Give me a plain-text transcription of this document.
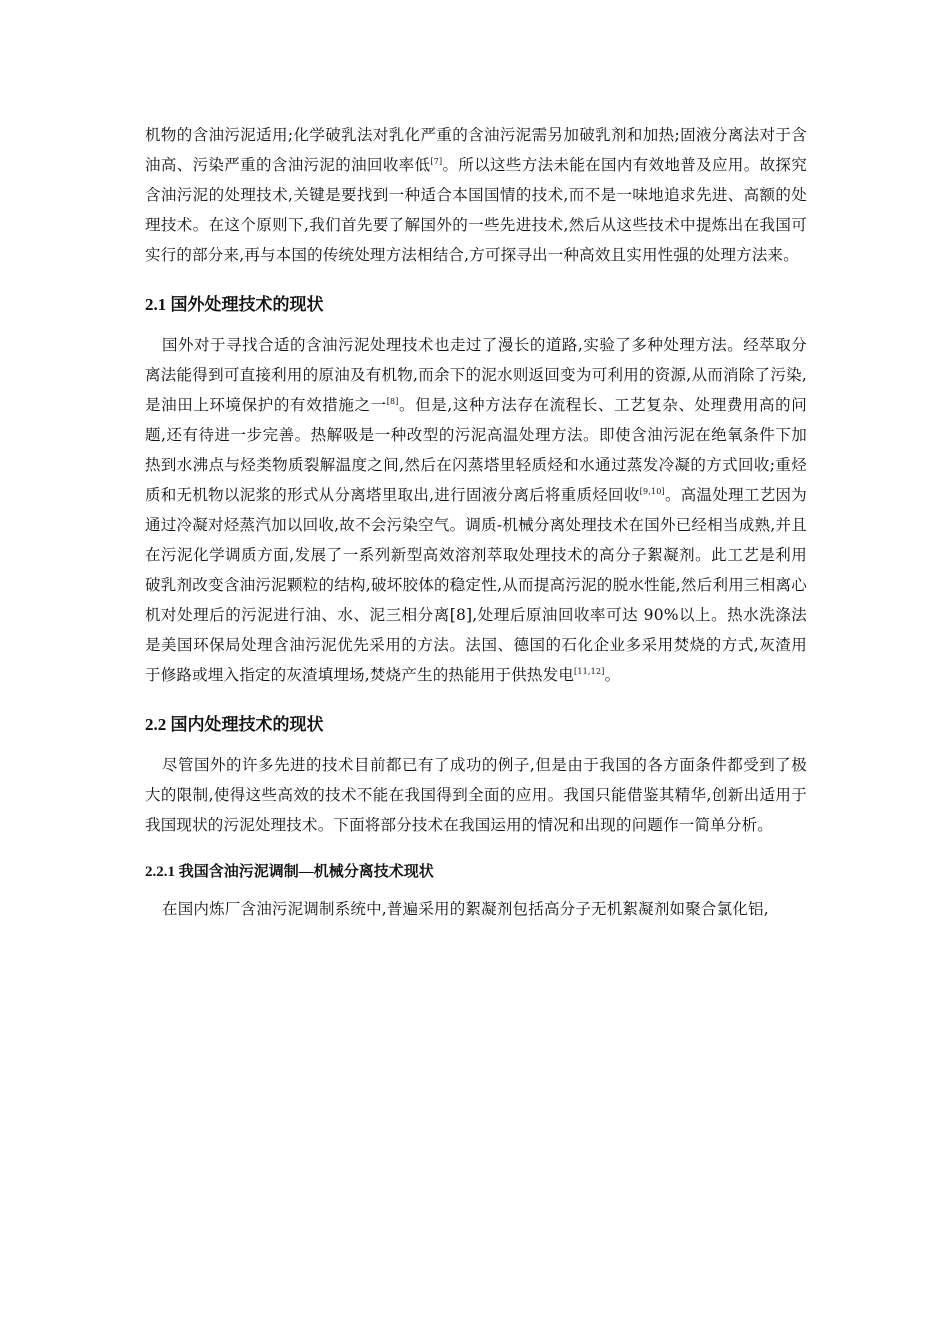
机物的含油污泥适用;化学破乳法对乳化严重的含油污泥需另加破乳剂和加热;固液分离法对于含油高、污染严重的含油污泥的油回收率低[7]。所以这些方法未能在国内有效地普及应用。故探究含油污泥的处理技术,关键是要找到一种适合本国国情的技术,而不是一味地追求先进、高额的处理技术。在这个原则下,我们首先要了解国外的一些先进技术,然后从这些技术中提炼出在我国可实行的部分来,再与本国的传统处理方法相结合,方可探寻出一种高效且实用性强的处理方法来。

2.1 国外处理技术的现状

国外对于寻找合适的含油污泥处理技术也走过了漫长的道路,实验了多种处理方法。经萃取分离法能得到可直接利用的原油及有机物,而余下的泥水则返回变为可利用的资源,从而消除了污染,是油田上环境保护的有效措施之一[8]。但是,这种方法存在流程长、工艺复杂、处理费用高的问题,还有待进一步完善。热解吸是一种改型的污泥高温处理方法。即使含油污泥在绝氧条件下加热到水沸点与烃类物质裂解温度之间,然后在闪蒸塔里轻质烃和水通过蒸发冷凝的方式回收;重烃质和无机物以泥浆的形式从分离塔里取出,进行固液分离后将重质烃回收[9,10]。高温处理工艺因为通过冷凝对烃蒸汽加以回收,故不会污染空气。调质-机械分离处理技术在国外已经相当成熟,并且在污泥化学调质方面,发展了一系列新型高效溶剂萃取处理技术的高分子絮凝剂。此工艺是利用破乳剂改变含油污泥颗粒的结构,破坏胶体的稳定性,从而提高污泥的脱水性能,然后利用三相离心机对处理后的污泥进行油、水、泥三相分离[8],处理后原油回收率可达 90%以上。热水洗涤法是美国环保局处理含油污泥优先采用的方法。法国、德国的石化企业多采用焚烧的方式,灰渣用于修路或埋入指定的灰渣填埋场,焚烧产生的热能用于供热发电[11,12]。

2.2 国内处理技术的现状

尽管国外的许多先进的技术目前都已有了成功的例子,但是由于我国的各方面条件都受到了极大的限制,使得这些高效的技术不能在我国得到全面的应用。我国只能借鉴其精华,创新出适用于我国现状的污泥处理技术。下面将部分技术在我国运用的情况和出现的问题作一简单分析。

2.2.1 我国含油污泥调制—机械分离技术现状

在国内炼厂含油污泥调制系统中,普遍采用的絮凝剂包括高分子无机絮凝剂如聚合氯化铝,
